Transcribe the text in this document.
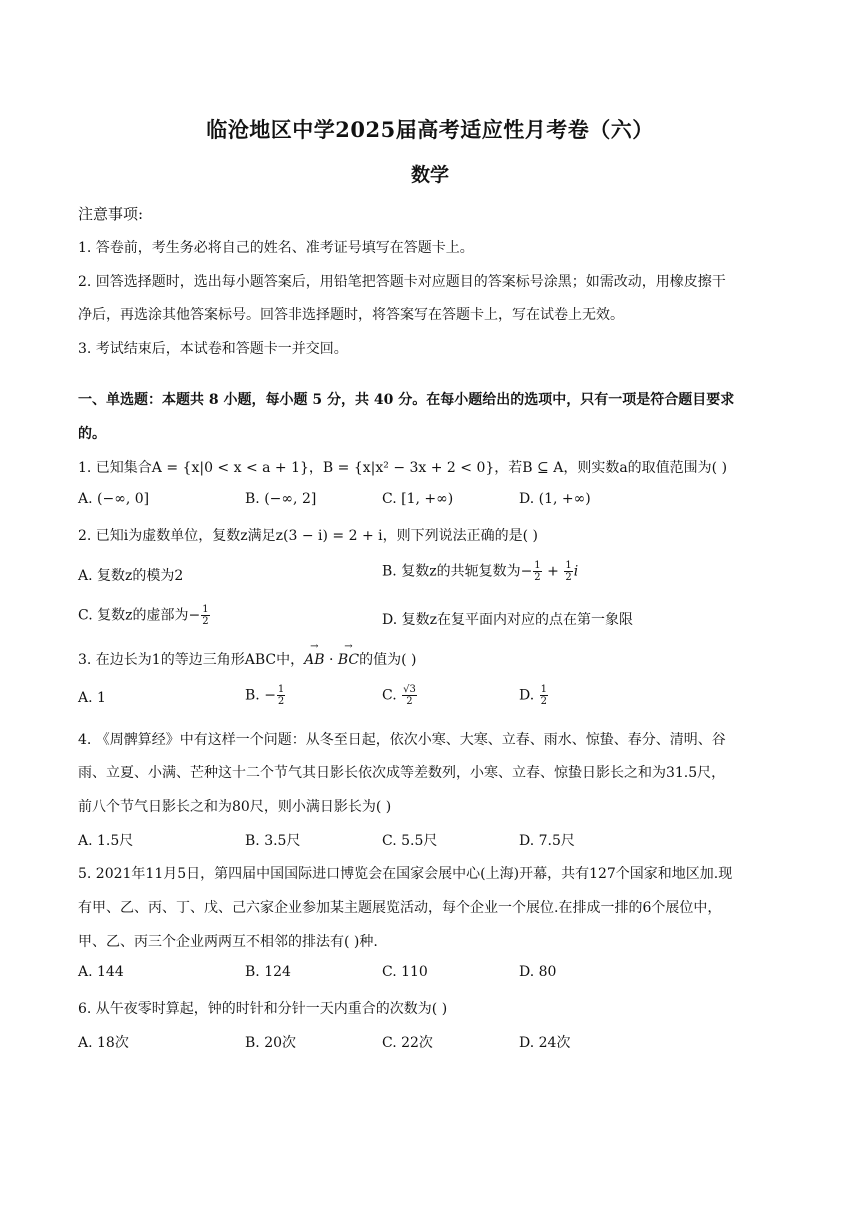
临沧地区中学2025届高考适应性月考卷（六）
数学
注意事项:
1. 答卷前，考生务必将自己的姓名、准考证号填写在答题卡上。
2. 回答选择题时，选出每小题答案后，用铅笔把答题卡对应题目的答案标号涂黑；如需改动，用橡皮擦干
净后，再选涂其他答案标号。回答非选择题时，将答案写在答题卡上，写在试卷上无效。
3. 考试结束后，本试卷和答题卡一并交回。
一、单选题：本题共 8 小题，每小题 5 分，共 40 分。在每小题给出的选项中，只有一项是符合题目要求
的。
1. 已知集合A = {x|0 < x < a + 1}，B = {x|x² − 3x + 2 < 0}，若B ⊆ A，则实数a的取值范围为( )
A. (−∞, 0]	B. (−∞, 2]	C. [1, +∞)	D. (1, +∞)
2. 已知i为虚数单位，复数z满足z(3 − i) = 2 + i，则下列说法正确的是( )
A. 复数z的模为2	B. 复数z的共轭复数为− $\frac{1}{2} + \frac{1}{2}$ i
C. 复数z的虚部为− $\frac{1}{2}$	D. 复数z在复平面内对应的点在第一象限
3. 在边长为1的等边三角形ABC中，→ AB · → BC的值为( )
A. 1	B. − $\frac{1}{2}$	C. $\frac{√3}{2}$	D. $\frac{1}{2}$
4. 《周髀算经》中有这样一个问题：从冬至日起，依次小寒、大寒、立春、雨水、惊蛰、春分、清明、谷
雨、立夏、小满、芒种这十二个节气其日影长依次成等差数列，小寒、立春、惊蛰日影长之和为31.5尺，
前八个节气日影长之和为80尺，则小满日影长为( )
A. 1.5尺	B. 3.5尺	C. 5.5尺	D. 7.5尺
5. 2021年11月5日，第四届中国国际进口博览会在国家会展中心(上海)开幕，共有127个国家和地区加.现
有甲、乙、丙、丁、戊、己六家企业参加某主题展览活动，每个企业一个展位.在排成一排的6个展位中，
甲、乙、丙三个企业两两互不相邻的排法有( )种.
A. 144	B. 124	C. 110	D. 80
6. 从午夜零时算起，钟的时针和分针一天内重合的次数为( )
A. 18次	B. 20次	C. 22次	D. 24次
